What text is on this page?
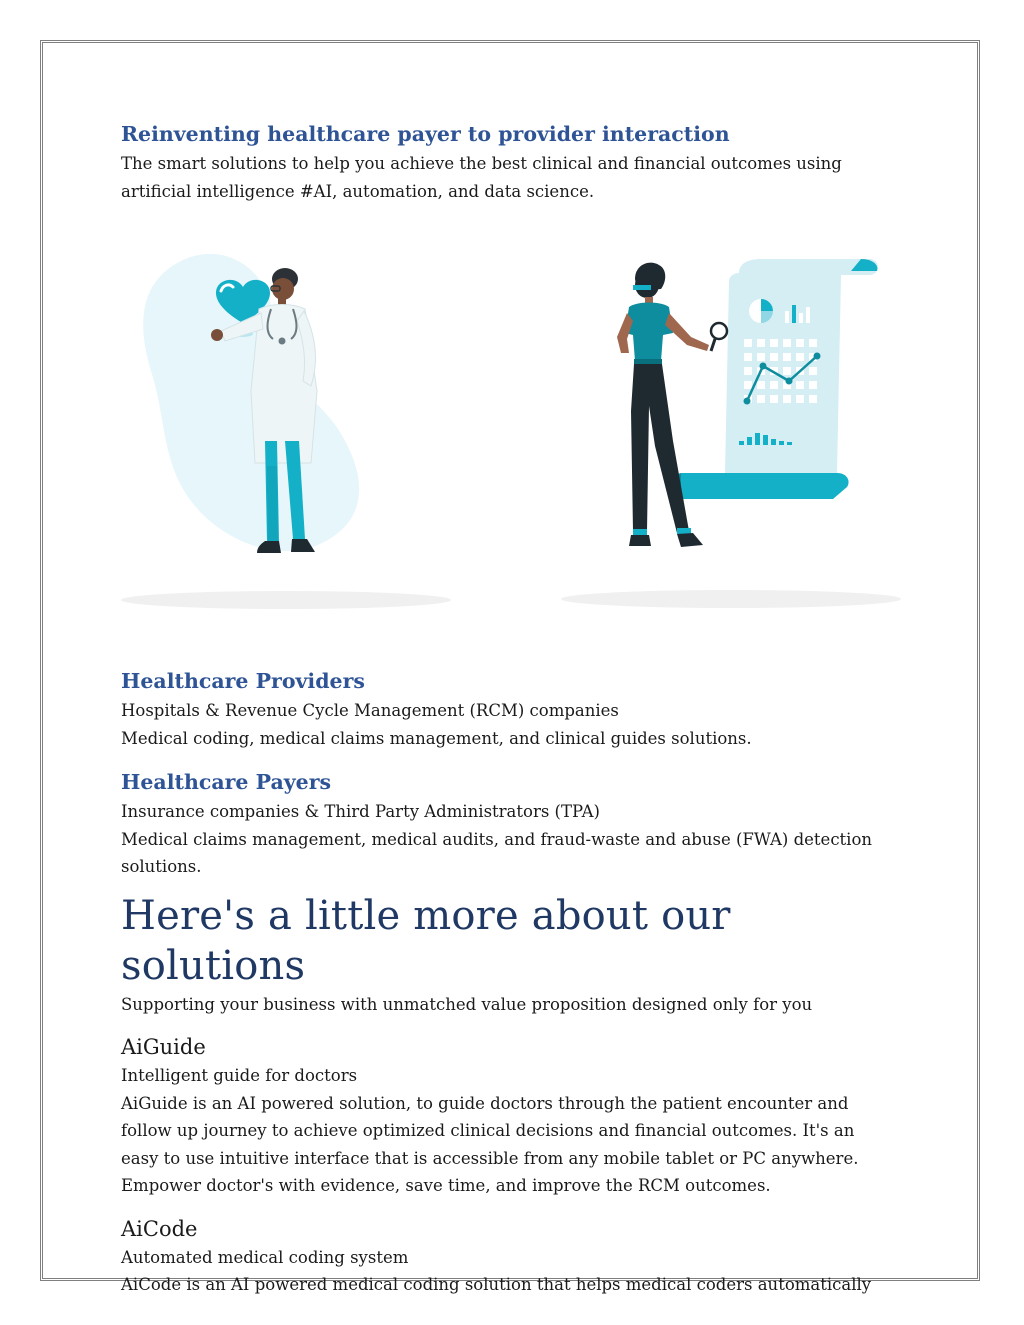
Reinventing healthcare payer to provider interaction

The smart solutions to help you achieve the best clinical and financial outcomes using

artificial intelligence #AI, automation, and data science.

Healthcare Providers

Hospitals & Revenue Cycle Management (RCM) companies

Medical coding, medical claims management, and clinical guides solutions.

Healthcare Payers

Insurance companies & Third Party Administrators (TPA)

Medical claims management, medical audits, and fraud-waste and abuse (FWA) detection

solutions.

Here's a little more about our solutions

Supporting your business with unmatched value proposition designed only for you

AiGuide

Intelligent guide for doctors

AiGuide is an AI powered solution, to guide doctors through the patient encounter and

follow up journey to achieve optimized clinical decisions and financial outcomes. It's an

easy to use intuitive interface that is accessible from any mobile tablet or PC anywhere.

Empower doctor's with evidence, save time, and improve the RCM outcomes.

AiCode

Automated medical coding system

AiCode is an AI powered medical coding solution that helps medical coders automatically
